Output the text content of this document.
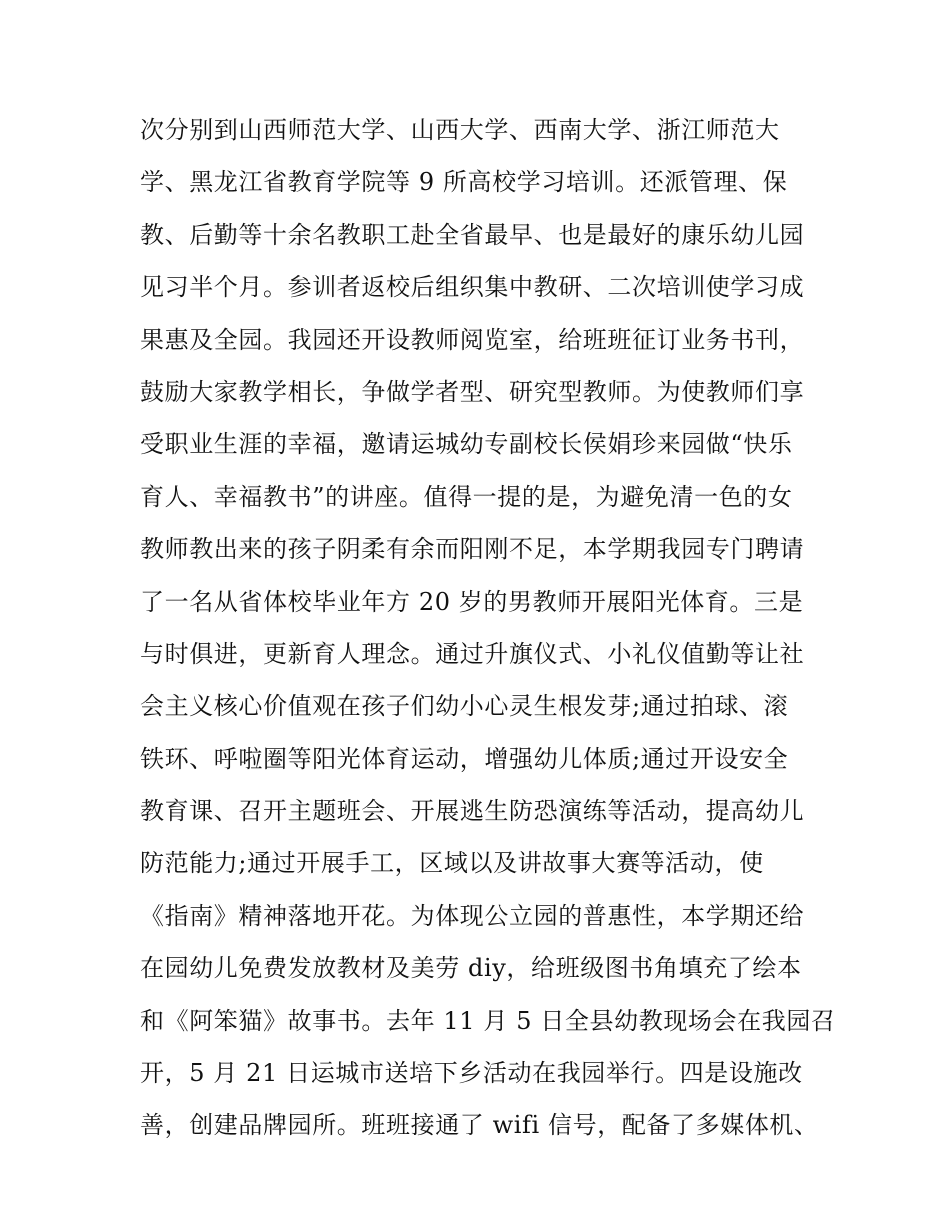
次分别到山西师范大学、山西大学、西南大学、浙江师范大
学、黑龙江省教育学院等 9 所高校学习培训。还派管理、保
教、后勤等十余名教职工赴全省最早、也是最好的康乐幼儿园
见习半个月。参训者返校后组织集中教研、二次培训使学习成
果惠及全园。我园还开设教师阅览室，给班班征订业务书刊，
鼓励大家教学相长，争做学者型、研究型教师。为使教师们享
受职业生涯的幸福，邀请运城幼专副校长侯娟珍来园做“快乐
育人、幸福教书”的讲座。值得一提的是，为避免清一色的女
教师教出来的孩子阴柔有余而阳刚不足，本学期我园专门聘请
了一名从省体校毕业年方 20 岁的男教师开展阳光体育。三是
与时俱进，更新育人理念。通过升旗仪式、小礼仪值勤等让社
会主义核心价值观在孩子们幼小心灵生根发芽;通过拍球、滚
铁环、呼啦圈等阳光体育运动，增强幼儿体质;通过开设安全
教育课、召开主题班会、开展逃生防恐演练等活动，提高幼儿
防范能力;通过开展手工，区域以及讲故事大赛等活动，使
《指南》精神落地开花。为体现公立园的普惠性，本学期还给
在园幼儿免费发放教材及美劳 diy，给班级图书角填充了绘本
和《阿笨猫》故事书。去年 11 月 5 日全县幼教现场会在我园召
开，5 月 21 日运城市送培下乡活动在我园举行。四是设施改
善，创建品牌园所。班班接通了 wifi 信号，配备了多媒体机、
